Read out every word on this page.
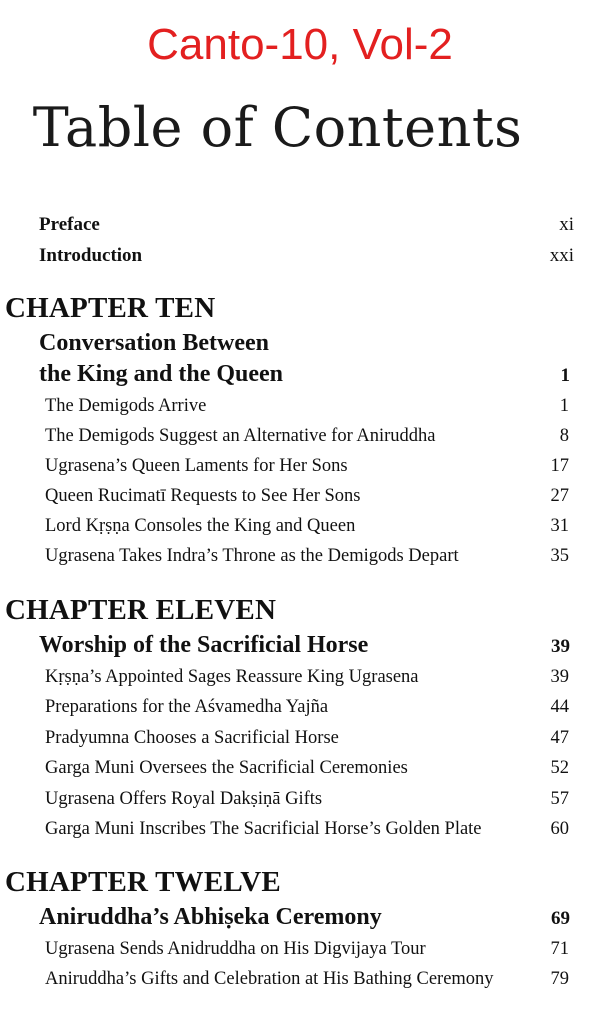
Canto-10, Vol-2
Table of Contents
Preface	xi
Introduction	xxi
CHAPTER TEN
Conversation Between
the King and the Queen	1
The Demigods Arrive	1
The Demigods Suggest an Alternative for Aniruddha	8
Ugrasena’s Queen Laments for Her Sons	17
Queen Rucimatī Requests to See Her Sons	27
Lord Kṛṣṇa Consoles the King and Queen	31
Ugrasena Takes Indra’s Throne as the Demigods Depart	35
CHAPTER ELEVEN
Worship of the Sacrificial Horse	39
Kṛṣṇa’s Appointed Sages Reassure King Ugrasena	39
Preparations for the Aśvamedha Yajña	44
Pradyumna Chooses a Sacrificial Horse	47
Garga Muni Oversees the Sacrificial Ceremonies	52
Ugrasena Offers Royal Dakṣiṇā Gifts	57
Garga Muni Inscribes The Sacrificial Horse’s Golden Plate	60
CHAPTER TWELVE
Aniruddha’s Abhiṣeka Ceremony	69
Ugrasena Sends Anidruddha on His Digvijaya Tour	71
Aniruddha’s Gifts and Celebration at His Bathing Ceremony	79
